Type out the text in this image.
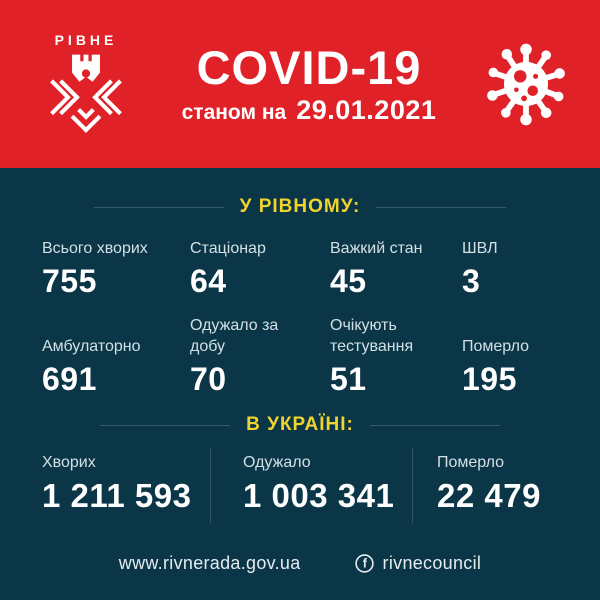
РІВНЕ
COVID-19
станом на 29.01.2021
У РІВНОМУ:
Всього хворих
755
Стаціонар
64
Важкий стан
45
ШВЛ
3
Амбулаторно
691
Одужало за добу
70
Очікують тестування
51
Померло
195
В УКРАЇНІ:
Хворих
1 211 593
Одужало
1 003 341
Померло
22 479
www.rivnerada.gov.ua	f rivnecouncil
